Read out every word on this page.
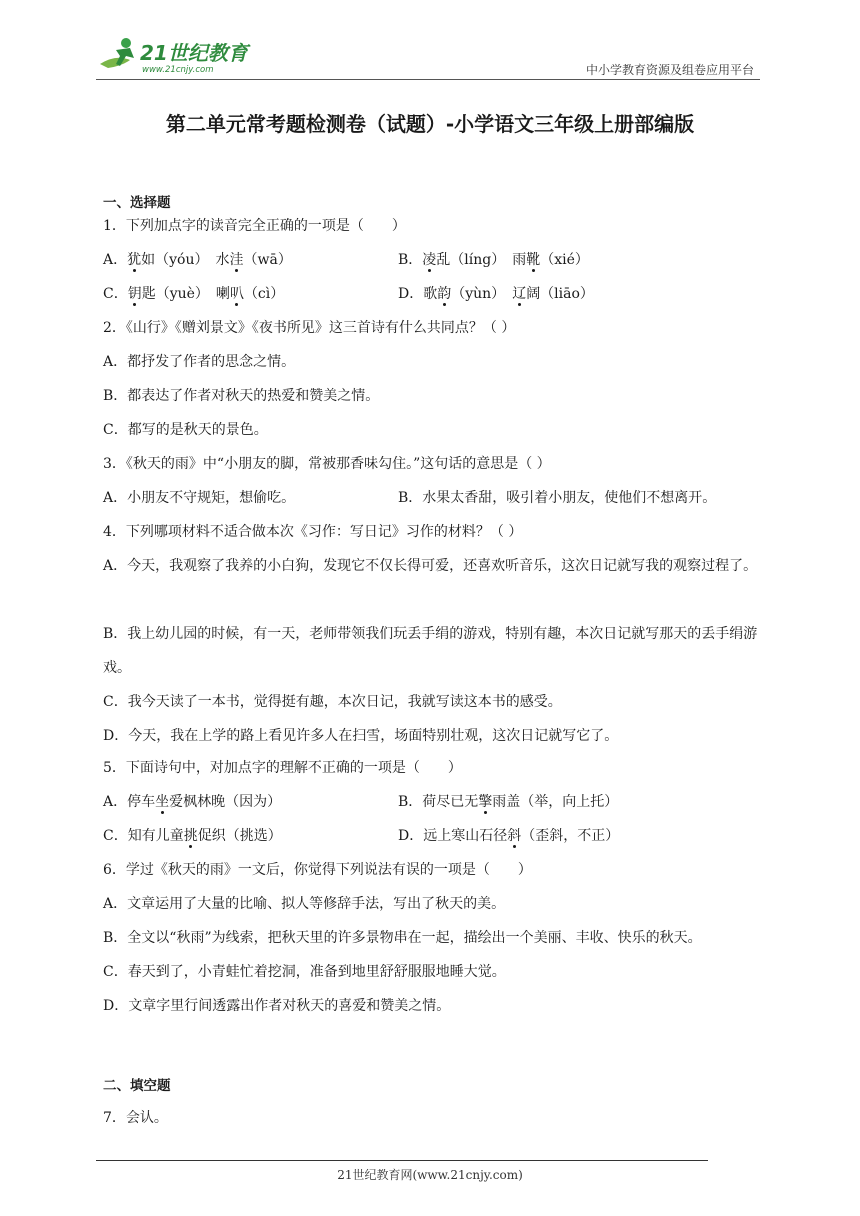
21世纪教育
www.21cnjy.com	中小学教育资源及组卷应用平台
第二单元常考题检测卷（试题）-小学语文三年级上册部编版
一、选择题
1．下列加点字的读音完全正确的一项是（　　）
A．犹如（yóu）　水洼（wā）	B．凌乱（líng）　雨靴（xié）
C．钥匙（yuè）　喇叭（cì）	D．歌韵（yùn）　辽阔（liāo）
2．《山行》《赠刘景文》《夜书所见》这三首诗有什么共同点？（ ）
A．都抒发了作者的思念之情。
B．都表达了作者对秋天的热爱和赞美之情。
C．都写的是秋天的景色。
3．《秋天的雨》中“小朋友的脚，常被那香味勾住。”这句话的意思是（ ）
A．小朋友不守规矩，想偷吃。	B．水果太香甜，吸引着小朋友，使他们不想离开。
4．下列哪项材料不适合做本次《习作：写日记》习作的材料？（ ）
A．今天，我观察了我养的小白狗，发现它不仅长得可爱，还喜欢听音乐，这次日记就写我的观察过程了。
B．我上幼儿园的时候，有一天，老师带领我们玩丢手绢的游戏，特别有趣，本次日记就写那天的丢手绢游戏。
C．我今天读了一本书，觉得挺有趣，本次日记，我就写读这本书的感受。
D．今天，我在上学的路上看见许多人在扫雪，场面特别壮观，这次日记就写它了。
5．下面诗句中，对加点字的理解不正确的一项是（　　）
A．停车坐爱枫林晚（因为）	B．荷尽已无擎雨盖（举，向上托）
C．知有儿童挑促织（挑选）	D．远上寒山石径斜（歪斜，不正）
6．学过《秋天的雨》一文后，你觉得下列说法有误的一项是（　　）
A．文章运用了大量的比喻、拟人等修辞手法，写出了秋天的美。
B．全文以“秋雨”为线索，把秋天里的许多景物串在一起，描绘出一个美丽、丰收、快乐的秋天。
C．春天到了，小青蛙忙着挖洞，准备到地里舒舒服服地睡大觉。
D．文章字里行间透露出作者对秋天的喜爱和赞美之情。
二、填空题
7．会认。
21世纪教育网(www.21cnjy.com)
